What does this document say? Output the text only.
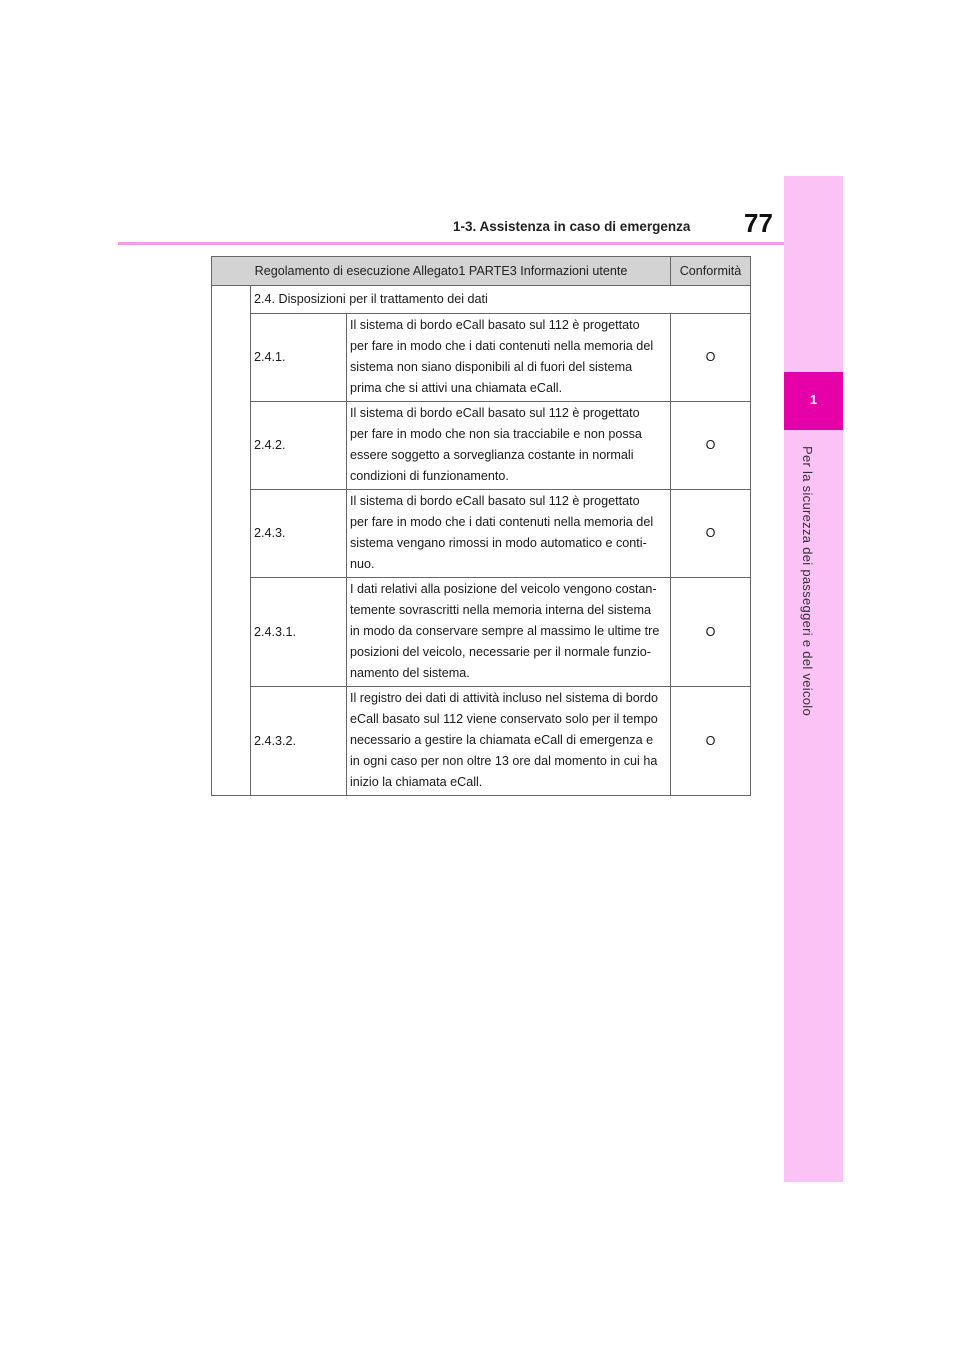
1
Per la sicurezza dei passeggeri e del veicolo
77
1-3. Assistenza in caso di emergenza
Regolamento di esecuzione Allegato1 PARTE3 Informazioni utente			Conformità
	2.4. Disposizioni per il trattamento dei dati		
	2.4.1.	Il sistema di bordo eCall basato sul 112 è progettato
per fare in modo che i dati contenuti nella memoria del
sistema non siano disponibili al di fuori del sistema
prima che si attivi una chiamata eCall.	O
	2.4.2.	Il sistema di bordo eCall basato sul 112 è progettato
per fare in modo che non sia tracciabile e non possa
essere soggetto a sorveglianza costante in normali
condizioni di funzionamento.	O
	2.4.3.	Il sistema di bordo eCall basato sul 112 è progettato
per fare in modo che i dati contenuti nella memoria del
sistema vengano rimossi in modo automatico e conti-
nuo.	O
	2.4.3.1.	I dati relativi alla posizione del veicolo vengono costan-
temente sovrascritti nella memoria interna del sistema
in modo da conservare sempre al massimo le ultime tre
posizioni del veicolo, necessarie per il normale funzio-
namento del sistema.	O
	2.4.3.2.	Il registro dei dati di attività incluso nel sistema di bordo
eCall basato sul 112 viene conservato solo per il tempo
necessario a gestire la chiamata eCall di emergenza e
in ogni caso per non oltre 13 ore dal momento in cui ha
inizio la chiamata eCall.	O
